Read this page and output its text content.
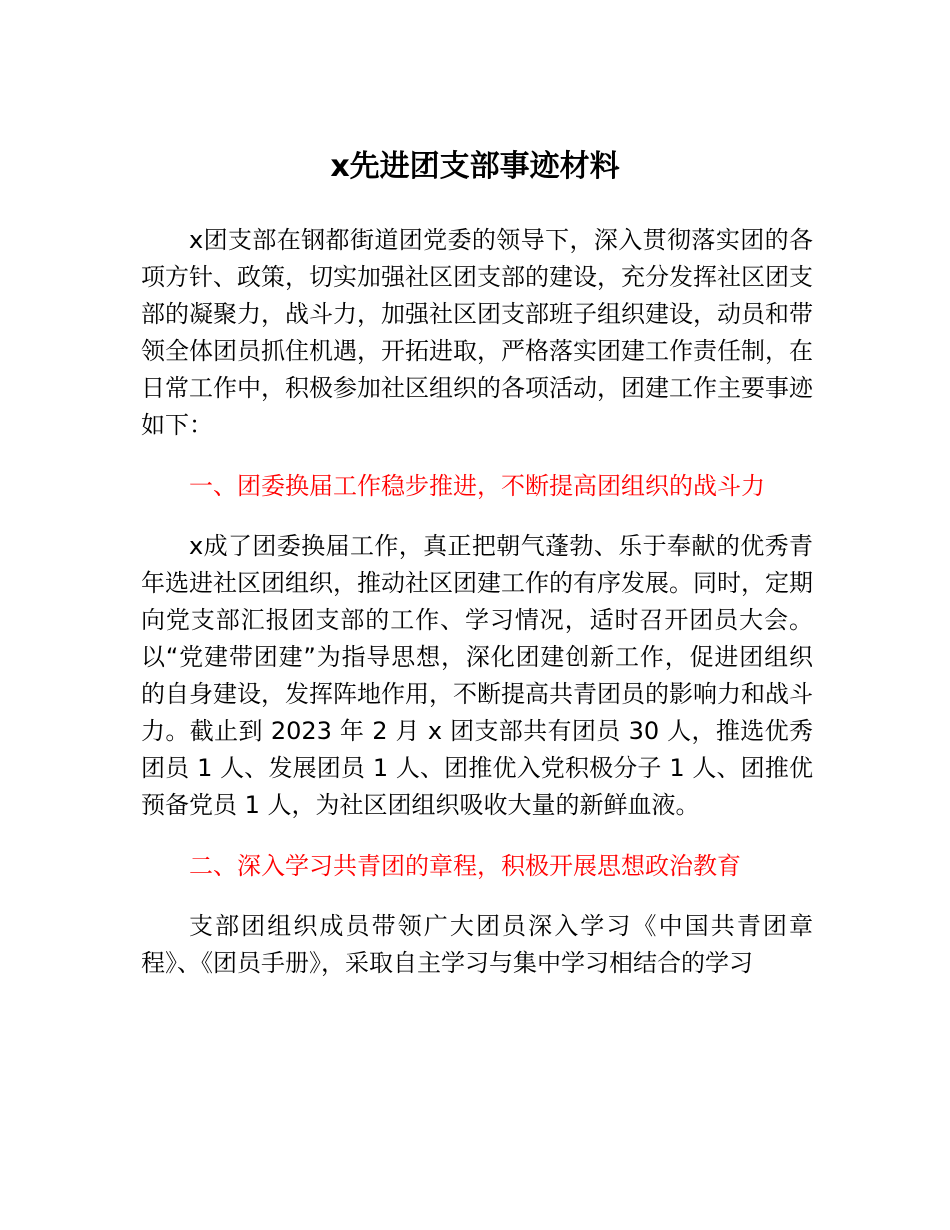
x先进团支部事迹材料

x团支部在钢都街道团党委的领导下，深入贯彻落实团的各项方针、政策，切实加强社区团支部的建设，充分发挥社区团支部的凝聚力，战斗力，加强社区团支部班子组织建设，动员和带领全体团员抓住机遇，开拓进取，严格落实团建工作责任制，在日常工作中，积极参加社区组织的各项活动，团建工作主要事迹如下：

一、团委换届工作稳步推进，不断提高团组织的战斗力

x成了团委换届工作，真正把朝气蓬勃、乐于奉献的优秀青年选进社区团组织，推动社区团建工作的有序发展。同时，定期向党支部汇报团支部的工作、学习情况，适时召开团员大会。以“党建带团建”为指导思想，深化团建创新工作，促进团组织的自身建设，发挥阵地作用，不断提高共青团员的影响力和战斗力。截止到 2023 年 2 月 x 团支部共有团员 30 人，推选优秀团员 1 人、发展团员 1 人、团推优入党积极分子 1 人、团推优预备党员 1 人，为社区团组织吸收大量的新鲜血液。

二、深入学习共青团的章程，积极开展思想政治教育

支部团组织成员带领广大团员深入学习《中国共青团章程》、《团员手册》，采取自主学习与集中学习相结合的学习
